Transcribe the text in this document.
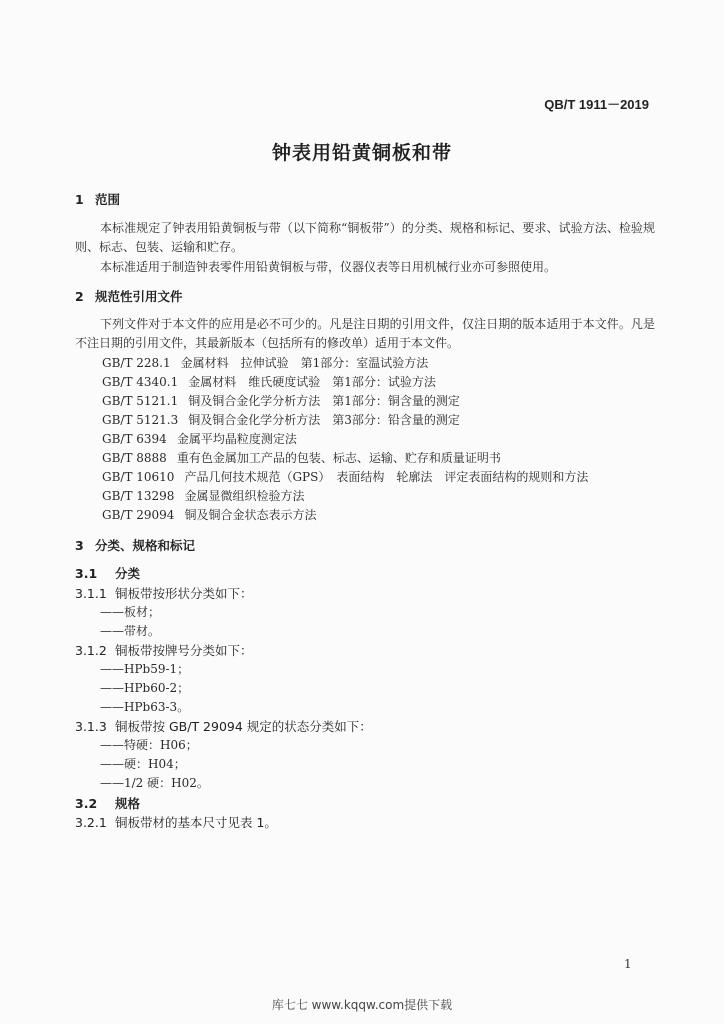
QB/T 1911－2019
钟表用铅黄铜板和带
1 范围
本标准规定了钟表用铅黄铜板与带（以下简称“铜板带”）的分类、规格和标记、要求、试验方法、检验规则、标志、包装、运输和贮存。
本标准适用于制造钟表零件用铅黄铜板与带，仪器仪表等日用机械行业亦可参照使用。
2 规范性引用文件
下列文件对于本文件的应用是必不可少的。凡是注日期的引用文件，仅注日期的版本适用于本文件。凡是不注日期的引用文件，其最新版本（包括所有的修改单）适用于本文件。
GB/T 228.1 金属材料　拉伸试验　第1部分：室温试验方法
GB/T 4340.1 金属材料　维氏硬度试验　第1部分：试验方法
GB/T 5121.1 铜及铜合金化学分析方法　第1部分：铜含量的测定
GB/T 5121.3 铜及铜合金化学分析方法　第3部分：铅含量的测定
GB/T 6394 金属平均晶粒度测定法
GB/T 8888 重有色金属加工产品的包装、标志、运输、贮存和质量证明书
GB/T 10610 产品几何技术规范（GPS）　表面结构　轮廓法　评定表面结构的规则和方法
GB/T 13298 金属显微组织检验方法
GB/T 29094 铜及铜合金状态表示方法
3 分类、规格和标记
3.1 分类
3.1.1 铜板带按形状分类如下：
——板材；
——带材。
3.1.2 铜板带按牌号分类如下：
——HPb59-1；
——HPb60-2；
——HPb63-3。
3.1.3 铜板带按 GB/T 29094 规定的状态分类如下：
——特硬：H06；
——硬：H04；
——1/2 硬：H02。
3.2 规格
3.2.1 铜板带材的基本尺寸见表 1。
1
库七七 www.kqqw.com提供下载
